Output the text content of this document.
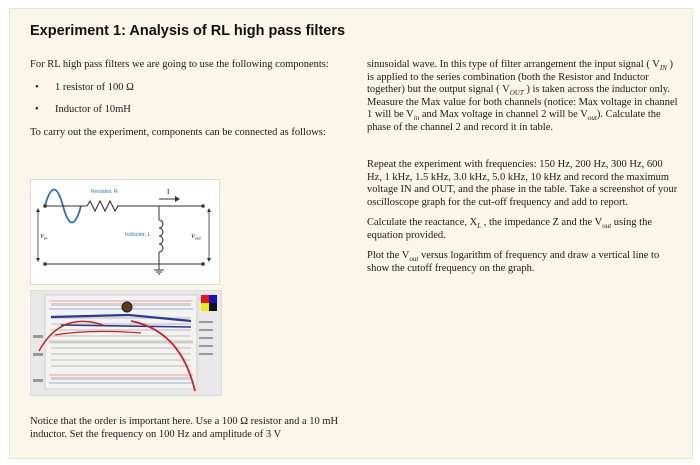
Experiment 1: Analysis of RL high pass filters

For RL high pass filters we are going to use the following components:

• 1 resistor of 100 Ω

• Inductor of 10mH

To carry out the experiment, components can be connected as follows:

I
Resistor, R
Inductor, L
$V_{in}$	$V_{out}$
Notice that the order is important here. Use a 100 Ω resistor and a 10 mH inductor. Set the frequency on 100 Hz and amplitude of 3 V

sinusoidal wave. In this type of filter arrangement the input signal ( $V_{IN}$ ) is applied to the series combination (both the Resistor and Inductor together) but the output signal ( $V_{OUT}$ ) is taken across the inductor only. Measure the Max value for both channels (notice: Max voltage in channel 1 will be $V_{in}$ and Max voltage in channel 2 will be $V_{out}$). Calculate the phase of the channel 2 and record it in table.

Repeat the experiment with frequencies: 150 Hz, 200 Hz, 300 Hz, 600 Hz, 1 kHz, 1.5 kHz, 3.0 kHz, 5.0 kHz, 10 kHz and record the maximum voltage IN and OUT, and the phase in the table. Take a screenshot of your oscilloscope graph for the cut-off frequency and add to report.

Calculate the reactance, $X_L$ , the impedance Z and the $V_{out}$ using the equation provided.

Plot the $V_{out}$ versus logarithm of frequency and draw a vertical line to show the cutoff frequency on the graph.
